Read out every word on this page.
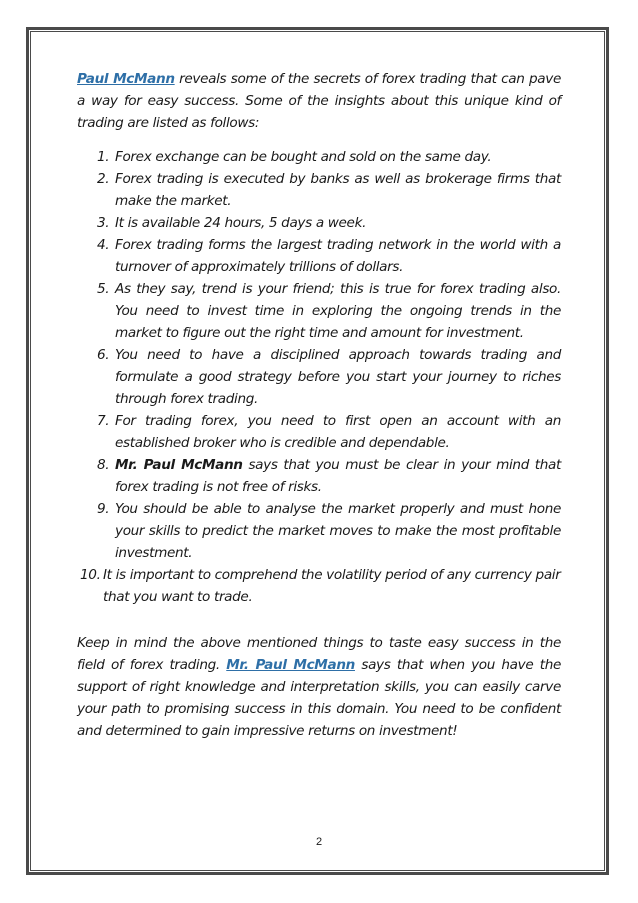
Paul McMann reveals some of the secrets of forex trading that can pave a way for easy success. Some of the insights about this unique kind of trading are listed as follows:

1. Forex exchange can be bought and sold on the same day.
2. Forex trading is executed by banks as well as brokerage firms that make the market.
3. It is available 24 hours, 5 days a week.
4. Forex trading forms the largest trading network in the world with a turnover of approximately trillions of dollars.
5. As they say, trend is your friend; this is true for forex trading also. You need to invest time in exploring the ongoing trends in the market to figure out the right time and amount for investment.
6. You need to have a disciplined approach towards trading and formulate a good strategy before you start your journey to riches through forex trading.
7. For trading forex, you need to first open an account with an established broker who is credible and dependable.
8. Mr. Paul McMann says that you must be clear in your mind that forex trading is not free of risks.
9. You should be able to analyse the market properly and must hone your skills to predict the market moves to make the most profitable investment.
10. It is important to comprehend the volatility period of any currency pair that you want to trade.

Keep in mind the above mentioned things to taste easy success in the field of forex trading. Mr. Paul McMann says that when you have the support of right knowledge and interpretation skills, you can easily carve your path to promising success in this domain. You need to be confident and determined to gain impressive returns on investment!

2
